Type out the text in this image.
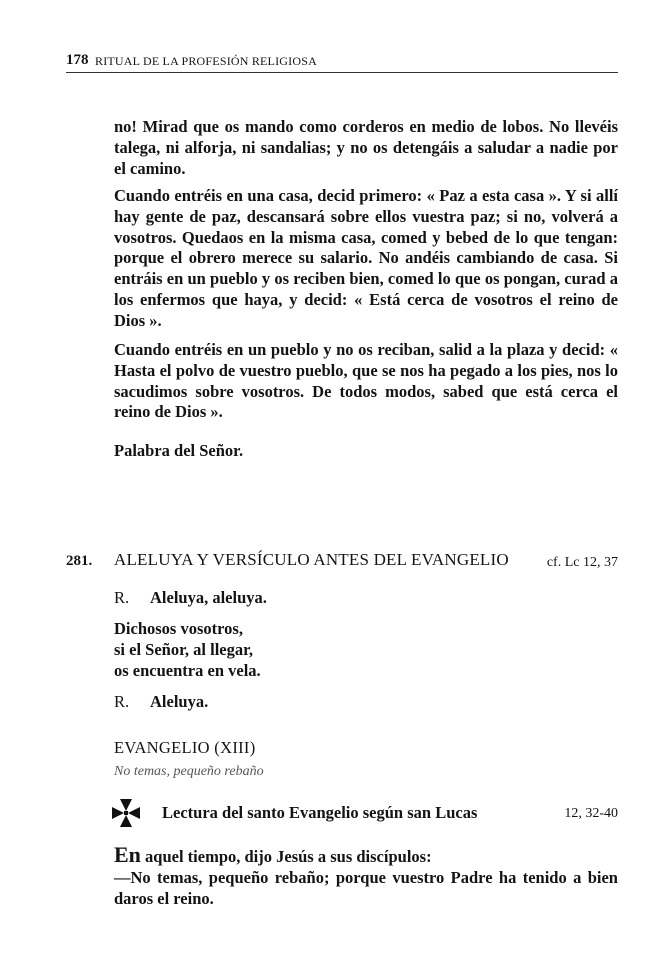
178 RITUAL DE LA PROFESIÓN RELIGIOSA
no! Mirad que os mando como corderos en medio de lobos. No llevéis talega, ni alforja, ni sandalias; y no os detengáis a saludar a nadie por el camino.
Cuando entréis en una casa, decid primero: « Paz a esta casa ». Y si allí hay gente de paz, descansará sobre ellos vuestra paz; si no, volverá a vosotros. Quedaos en la misma casa, comed y bebed de lo que tengan: porque el obrero merece su salario. No andéis cambiando de casa. Si entráis en un pueblo y os reciben bien, comed lo que os pongan, curad a los enfermos que haya, y decid: « Está cerca de vosotros el reino de Dios ».
Cuando entréis en un pueblo y no os reciban, salid a la plaza y decid: « Hasta el polvo de vuestro pueblo, que se nos ha pegado a los pies, nos lo sacudimos sobre vosotros. De todos modos, sabed que está cerca el reino de Dios ».
Palabra del Señor.
281. ALELUYA Y VERSÍCULO ANTES DEL EVANGELIO	cf. Lc 12, 37
R. Aleluya, aleluya.
Dichosos vosotros,
si el Señor, al llegar,
os encuentra en vela.
R. Aleluya.
EVANGELIO (XIII)
No temas, pequeño rebaño
Lectura del santo Evangelio según san Lucas	12, 32-40
En aquel tiempo, dijo Jesús a sus discípulos:
—No temas, pequeño rebaño; porque vuestro Padre ha tenido a bien daros el reino.
